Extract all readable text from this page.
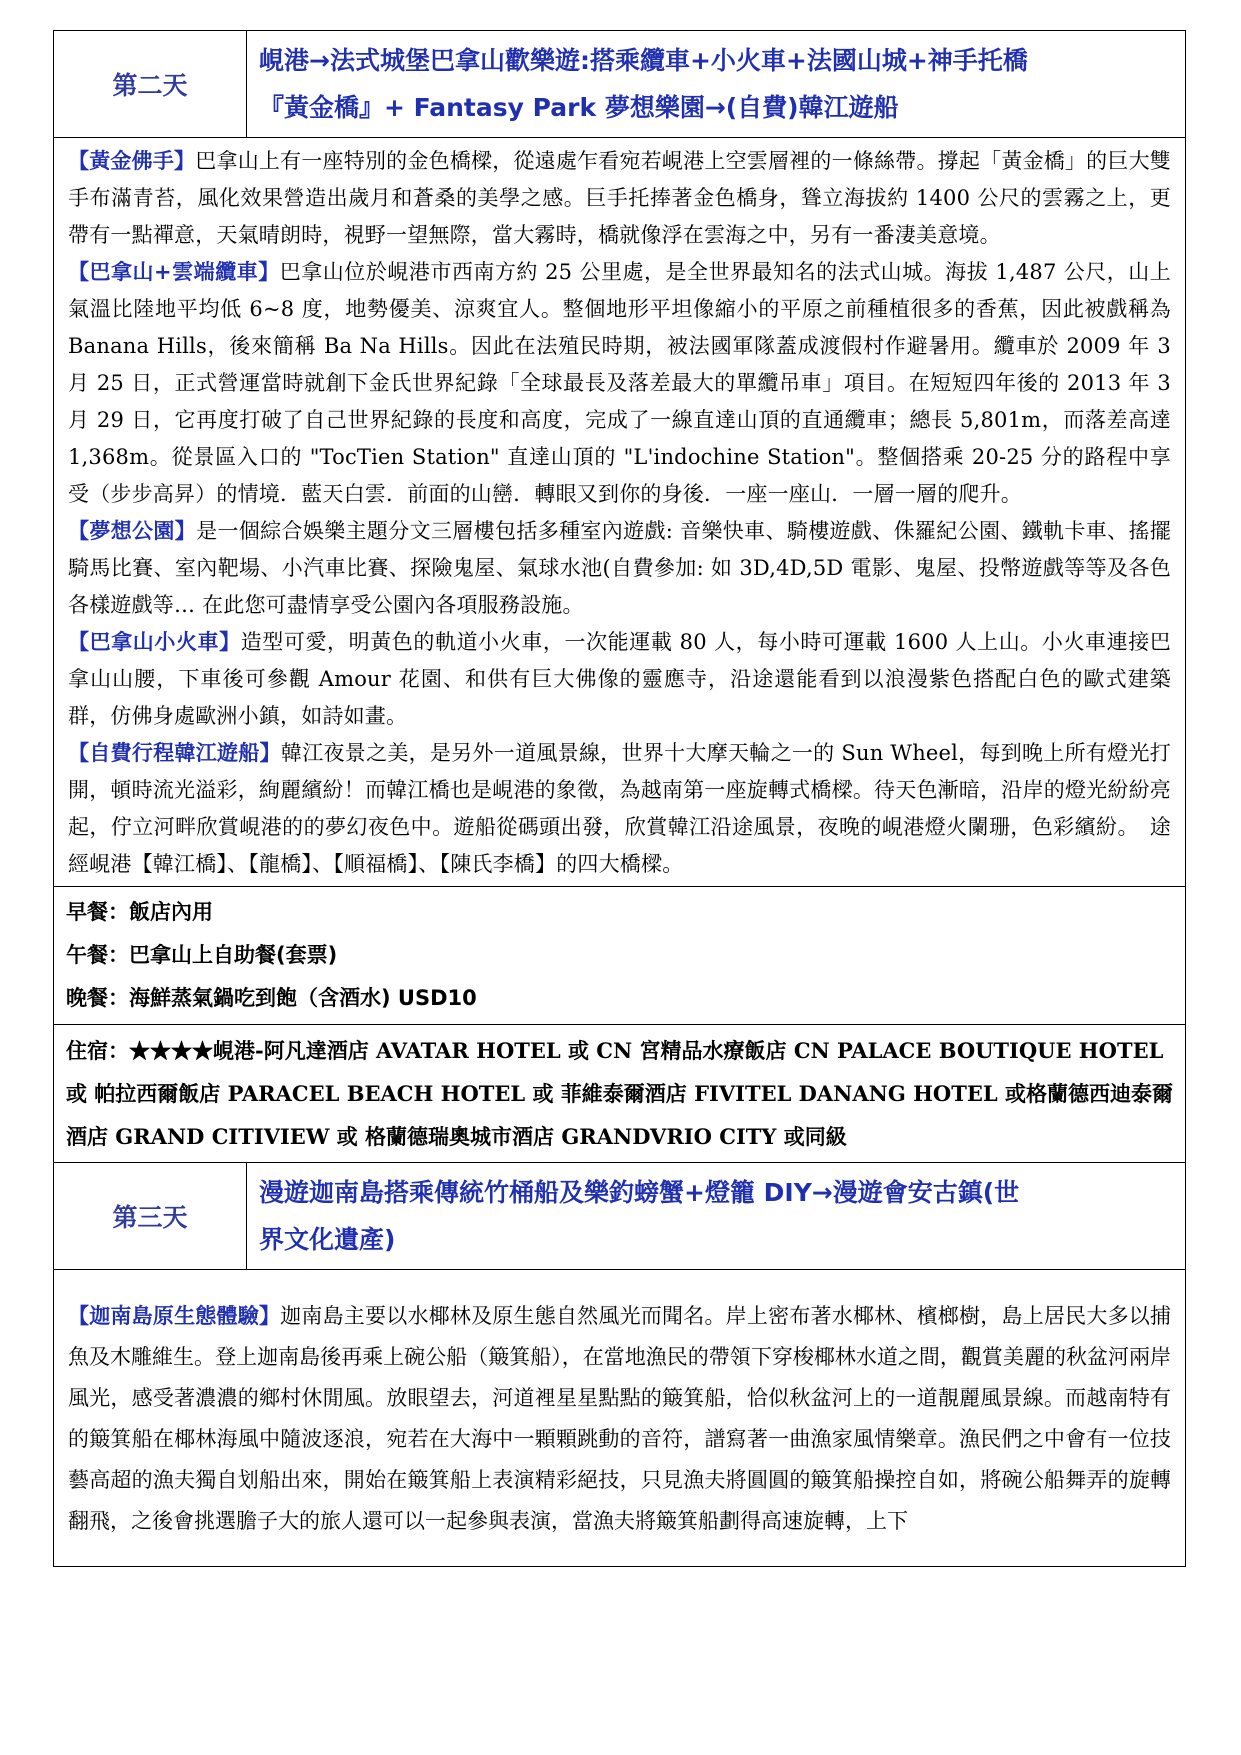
第二天	峴港→法式城堡巴拿山歡樂遊:搭乘纜車+小火車+法國山城+神手托橋
『黃金橋』+ Fantasy Park 夢想樂園→(自費)韓江遊船

【黃金佛手】巴拿山上有一座特別的金色橋樑，從遠處乍看宛若峴港上空雲層裡的一條絲帶。撐起「黃金橋」的巨大雙手布滿青苔，風化效果營造出歲月和蒼桑的美學之感。巨手托捧著金色橋身，聳立海拔約 1400 公尺的雲霧之上，更帶有一點禪意，天氣晴朗時，視野一望無際，當大霧時，橋就像浮在雲海之中，另有一番淒美意境。

【巴拿山+雲端纜車】巴拿山位於峴港市西南方約 25 公里處，是全世界最知名的法式山城。海拔 1,487 公尺，山上氣溫比陸地平均低 6~8 度，地勢優美、涼爽宜人。整個地形平坦像縮小的平原之前種植很多的香蕉，因此被戲稱為 Banana Hills，後來簡稱 Ba Na Hills。因此在法殖民時期，被法國軍隊蓋成渡假村作避暑用。纜車於 2009 年 3 月 25 日，正式營運當時就創下金氏世界紀錄「全球最長及落差最大的單纜吊車」項目。在短短四年後的 2013 年 3 月 29 日，它再度打破了自己世界紀錄的長度和高度，完成了一線直達山頂的直通纜車；總長 5,801m，而落差高達 1,368m。從景區入口的 "TocTien Station" 直達山頂的 "L'indochine Station"。整個搭乘 20-25 分的路程中享受（步步高昇）的情境．藍天白雲．前面的山巒．轉眼又到你的身後．一座一座山．一層一層的爬升。

【夢想公園】是一個綜合娛樂主題分文三層樓包括多種室內遊戲: 音樂快車、騎樓遊戲、侏羅紀公園、鐵軌卡車、搖擺騎馬比賽、室內靶場、小汽車比賽、探險鬼屋、氣球水池(自費參加: 如 3D,4D,5D 電影、鬼屋、投幣遊戲等等及各色各樣遊戲等… 在此您可盡情享受公園內各項服務設施。

【巴拿山小火車】造型可愛，明黃色的軌道小火車，一次能運載 80 人，每小時可運載 1600 人上山。小火車連接巴拿山山腰，下車後可參觀 Amour 花園、和供有巨大佛像的靈應寺，沿途還能看到以浪漫紫色搭配白色的歐式建築群，仿佛身處歐洲小鎮，如詩如畫。

【自費行程韓江遊船】韓江夜景之美，是另外一道風景線，世界十大摩天輪之一的 Sun Wheel，每到晚上所有燈光打開，頓時流光溢彩，絢麗繽紛！而韓江橋也是峴港的象徵，為越南第一座旋轉式橋樑。待天色漸暗，沿岸的燈光紛紛亮起，佇立河畔欣賞峴港的的夢幻夜色中。遊船從碼頭出發，欣賞韓江沿途風景，夜晚的峴港燈火闌珊，色彩繽紛。　途經峴港【韓江橋】、【龍橋】、【順福橋】、【陳氏李橋】的四大橋樑。	

早餐：飯店內用
午餐：巴拿山上自助餐(套票)
晚餐：海鮮蒸氣鍋吃到飽（含酒水) USD10	

住宿：★★★★峴港-阿凡達酒店 AVATAR HOTEL 或 CN 宮精品水療飯店 CN PALACE BOUTIQUE HOTEL 或 帕拉西爾飯店 PARACEL BEACH HOTEL 或 菲維泰爾酒店 FIVITEL DANANG HOTEL 或格蘭德西迪泰爾酒店 GRAND CITIVIEW 或 格蘭德瑞奧城市酒店 GRANDVRIO CITY 或同級	
第三天	漫遊迦南島搭乘傳統竹桶船及樂釣螃蟹+燈籠 DIY→漫遊會安古鎮(世
界文化遺產)

【迦南島原生態體驗】迦南島主要以水椰林及原生態自然風光而聞名。岸上密布著水椰林、檳榔樹，島上居民大多以捕魚及木雕維生。登上迦南島後再乘上碗公船（簸箕船），在當地漁民的帶領下穿梭椰林水道之間，觀賞美麗的秋盆河兩岸風光，感受著濃濃的鄉村休閒風。放眼望去，河道裡星星點點的簸箕船，恰似秋盆河上的一道靚麗風景線。而越南特有的簸箕船在椰林海風中隨波逐浪，宛若在大海中一顆顆跳動的音符，譜寫著一曲漁家風情樂章。漁民們之中會有一位技藝高超的漁夫獨自划船出來，開始在簸箕船上表演精彩絕技，只見漁夫將圓圓的簸箕船操控自如，將碗公船舞弄的旋轉翻飛，之後會挑選膽子大的旅人還可以一起參與表演，當漁夫將簸箕船劃得高速旋轉，上下	
